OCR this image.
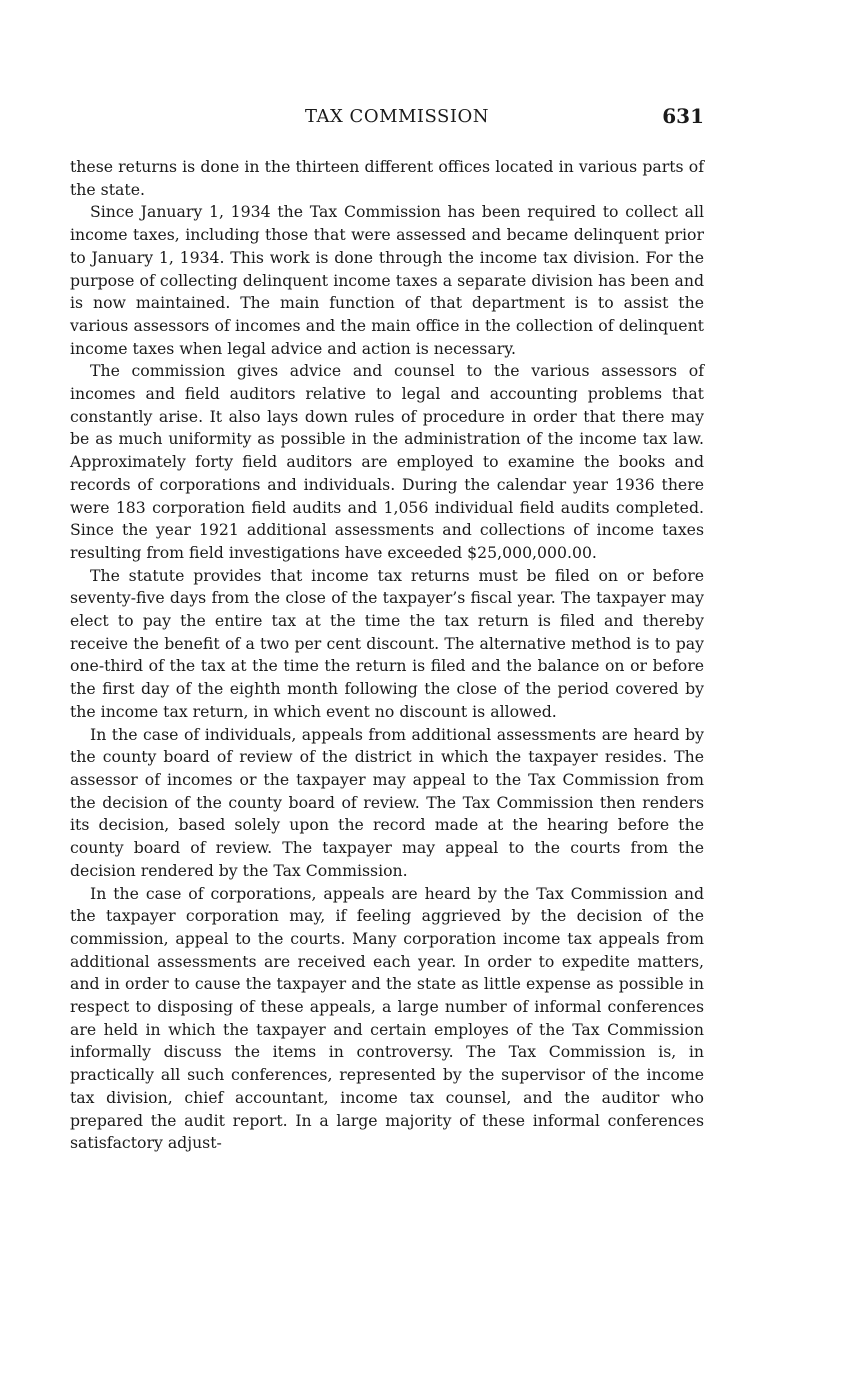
TAX COMMISSION	631

these returns is done in the thirteen different offices located in various parts of the state.

Since January 1, 1934 the Tax Commission has been required to collect all income taxes, including those that were assessed and became delinquent prior to January 1, 1934. This work is done through the income tax division. For the purpose of collecting delinquent income taxes a separate division has been and is now maintained. The main function of that department is to assist the various assessors of incomes and the main office in the collection of delinquent income taxes when legal advice and action is necessary.

The commission gives advice and counsel to the various assessors of incomes and field auditors relative to legal and accounting problems that constantly arise. It also lays down rules of procedure in order that there may be as much uniformity as possible in the administration of the income tax law. Approximately forty field auditors are employed to examine the books and records of corporations and individuals. During the calendar year 1936 there were 183 corporation field audits and 1,056 individual field audits completed. Since the year 1921 additional assessments and collections of income taxes resulting from field investigations have exceeded $25,000,000.00.

The statute provides that income tax returns must be filed on or before seventy-five days from the close of the taxpayer’s fiscal year. The taxpayer may elect to pay the entire tax at the time the tax return is filed and thereby receive the benefit of a two per cent discount. The alternative method is to pay one-third of the tax at the time the return is filed and the balance on or before the first day of the eighth month following the close of the period covered by the income tax return, in which event no discount is allowed.

In the case of individuals, appeals from additional assessments are heard by the county board of review of the district in which the taxpayer resides. The assessor of incomes or the taxpayer may appeal to the Tax Commission from the decision of the county board of review. The Tax Commission then renders its decision, based solely upon the record made at the hearing before the county board of review. The taxpayer may appeal to the courts from the decision rendered by the Tax Commission.

In the case of corporations, appeals are heard by the Tax Commission and the taxpayer corporation may, if feeling aggrieved by the decision of the commission, appeal to the courts. Many corporation income tax appeals from additional assessments are received each year. In order to expedite matters, and in order to cause the taxpayer and the state as little expense as possible in respect to disposing of these appeals, a large number of informal conferences are held in which the taxpayer and certain employes of the Tax Commission informally discuss the items in controversy. The Tax Commission is, in practically all such conferences, represented by the supervisor of the income tax division, chief accountant, income tax counsel, and the auditor who prepared the audit report. In a large majority of these informal conferences satisfactory adjust-
